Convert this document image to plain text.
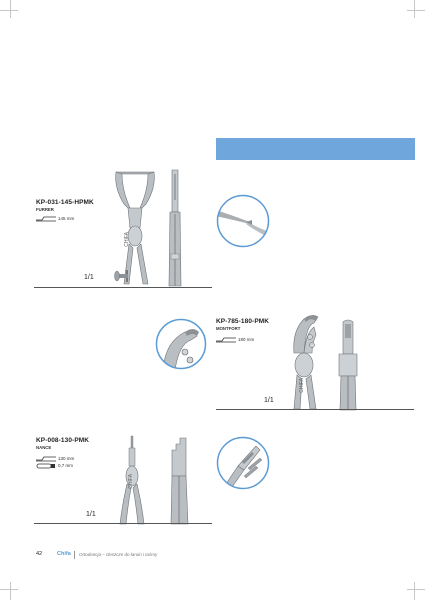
KP-031-145-HPMK
FURRER
145 mm
CHIFA
1/1
KP-785-180-PMK
MONTFORT
180 mm
CHIFA
1/1
KP-008-130-PMK
NANCE
130 mm
0,7 mm
CHIFA
1/1
42	Chifa Ortodoncja – cleszcze do łaroin i taśmy
